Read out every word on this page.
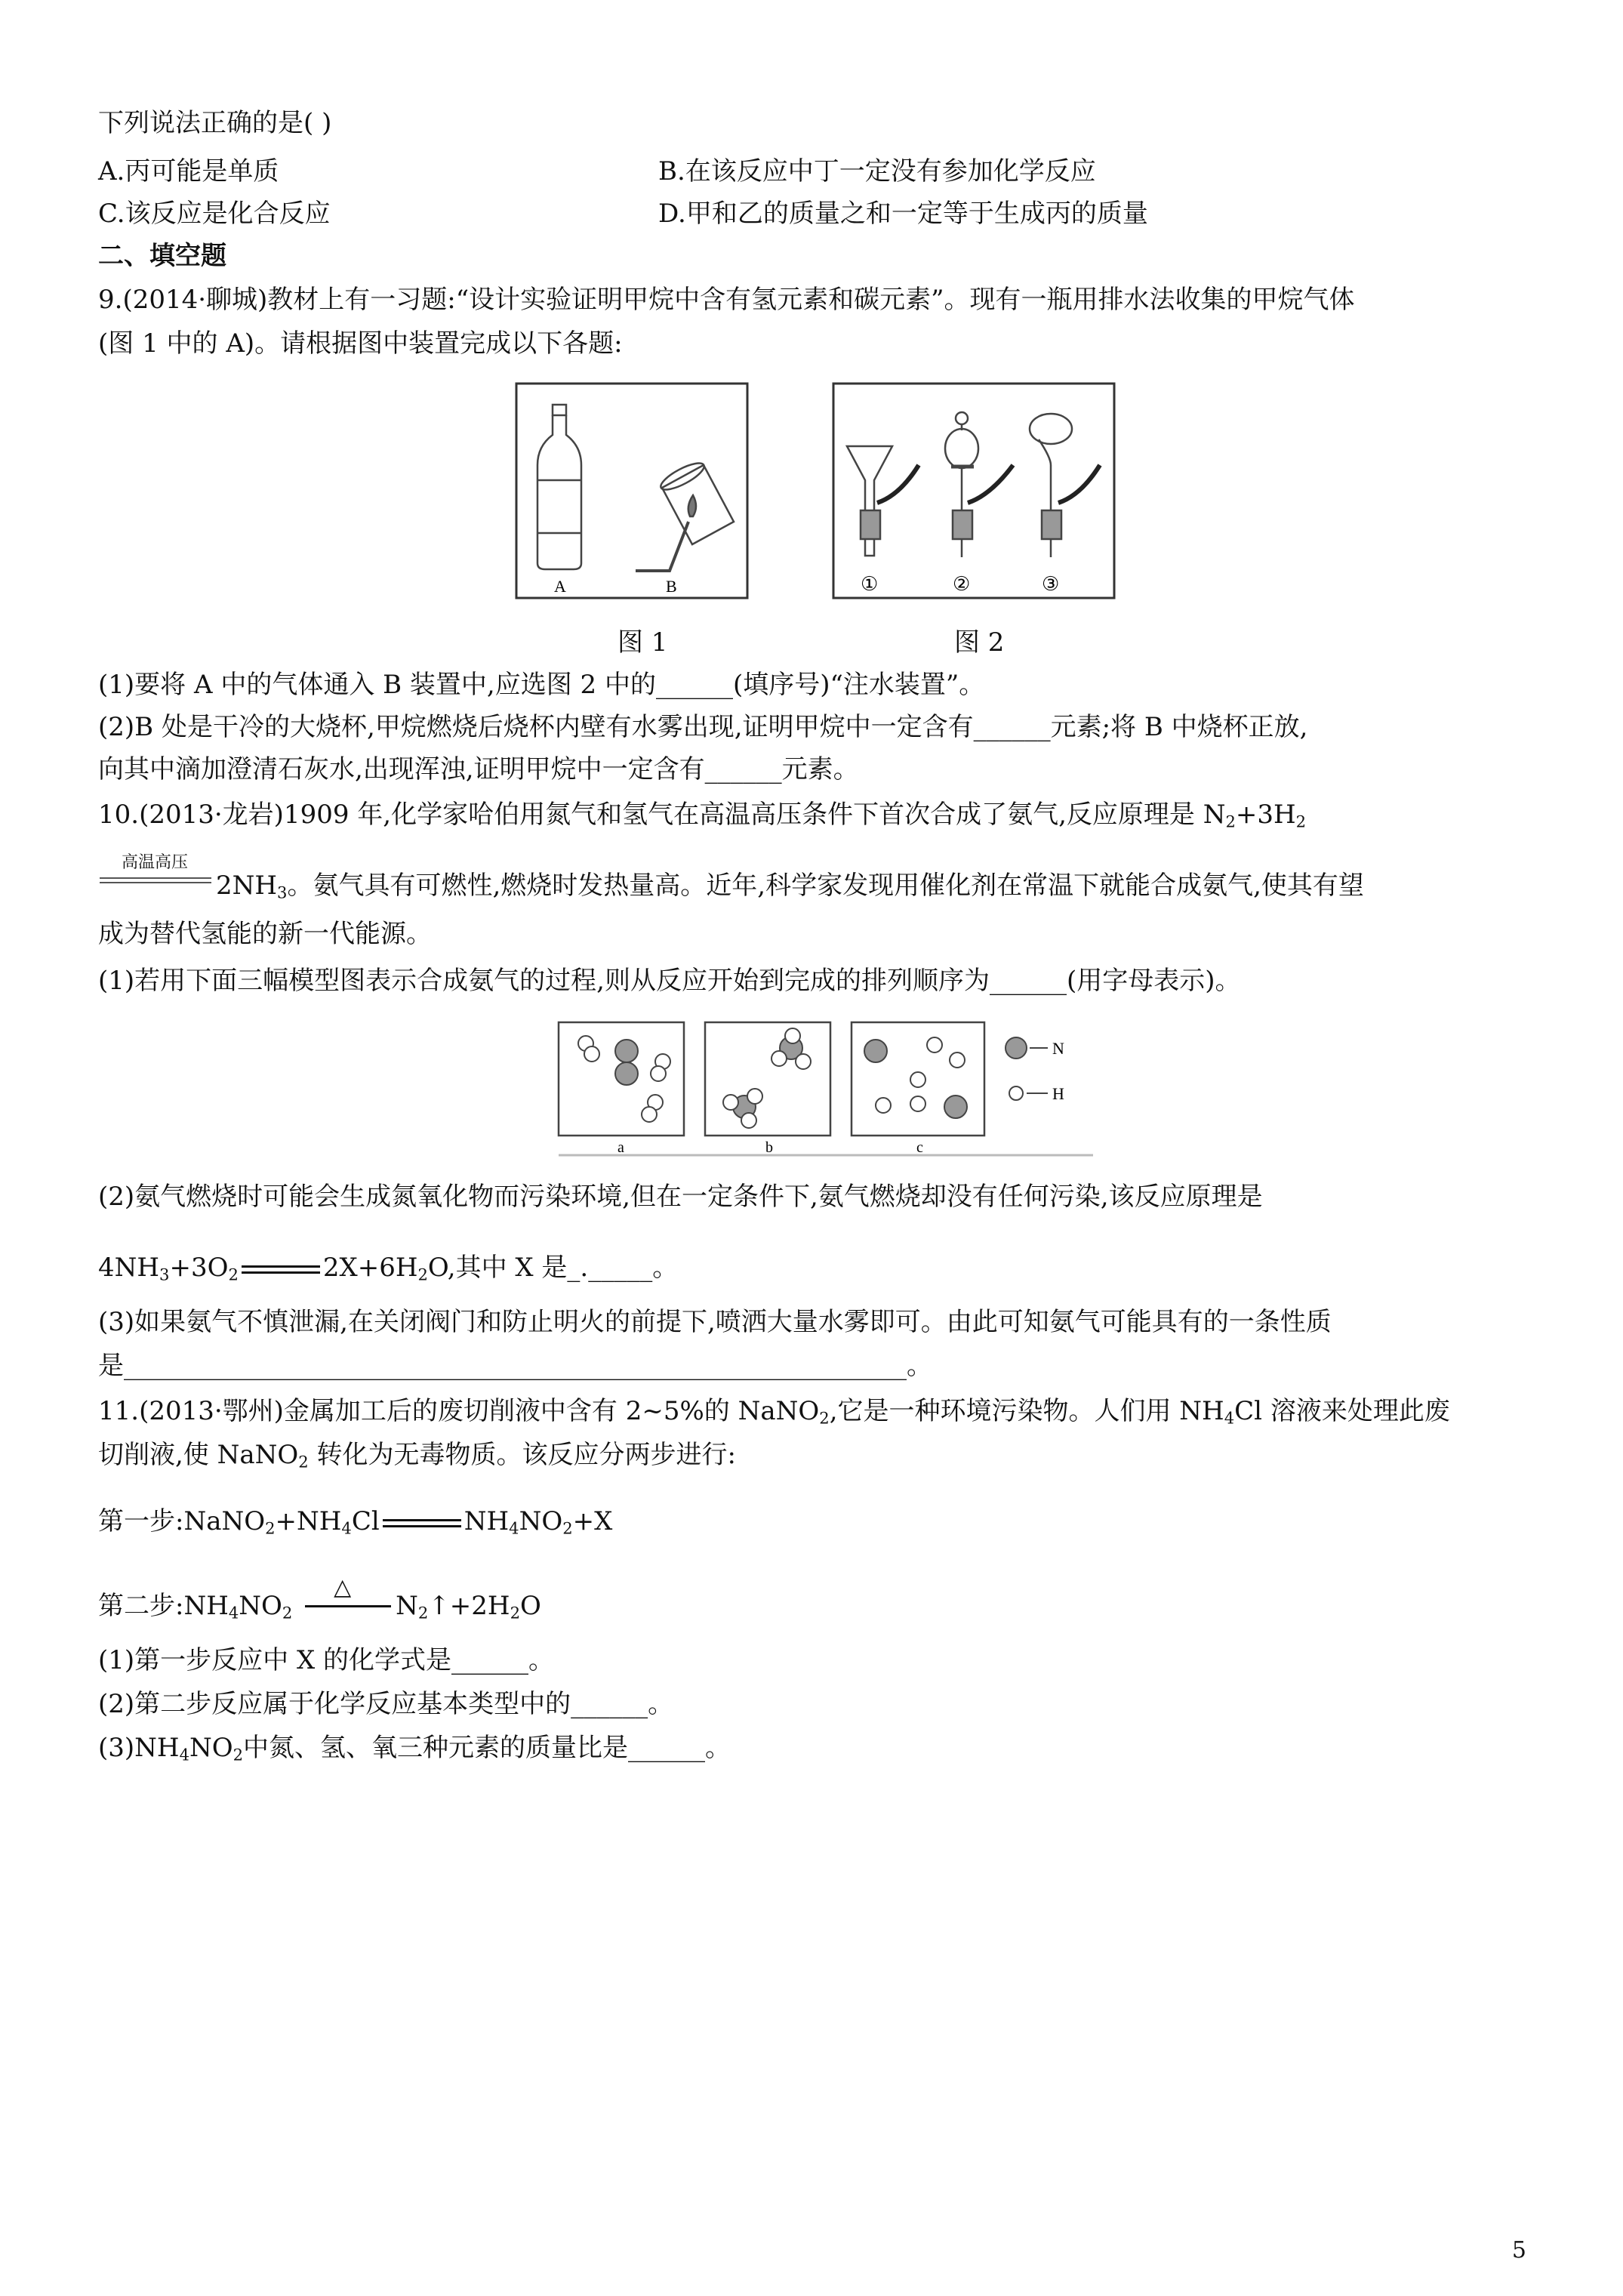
下列说法正确的是( )
A.丙可能是单质	B.在该反应中丁一定没有参加化学反应
C.该反应是化合反应	D.甲和乙的质量之和一定等于生成丙的质量
二、填空题
9.(2014·聊城)教材上有一习题:“设计实验证明甲烷中含有氢元素和碳元素”。现有一瓶用排水法收集的甲烷气体
(图 1 中的 A)。请根据图中装置完成以下各题:
A	B	①	②	③
图 1	图 2
(1)要将 A 中的气体通入 B 装置中,应选图 2 中的______(填序号)“注水装置”。
(2)B 处是干冷的大烧杯,甲烷燃烧后烧杯内壁有水雾出现,证明甲烷中一定含有______元素;将 B 中烧杯正放,
向其中滴加澄清石灰水,出现浑浊,证明甲烷中一定含有______元素。
10.(2013·龙岩)1909 年,化学家哈伯用氮气和氢气在高温高压条件下首次合成了氨气,反应原理是 $N_2+3H_2$
高温高压
$2NH_3$。氨气具有可燃性,燃烧时发热量高。近年,科学家发现用催化剂在常温下就能合成氨气,使其有望
成为替代氢能的新一代能源。
(1)若用下面三幅模型图表示合成氨气的过程,则从反应开始到完成的排列顺序为______(用字母表示)。
N
H
a	b	c
(2)氨气燃烧时可能会生成氮氧化物而污染环境,但在一定条件下,氨气燃烧却没有任何污染,该反应原理是
$4NH_3+3O_2$	$2X+6H_2O$,其中 X 是_._____。
(3)如果氨气不慎泄漏,在关闭阀门和防止明火的前提下,喷洒大量水雾即可。由此可知氨气可能具有的一条性质
是_____________________________________________________________。
11.(2013·鄂州)金属加工后的废切削液中含有 2~5%的 NaNO$_2$,它是一种环境污染物。人们用 $NH_4Cl$ 溶液来处理此废
切削液,使 NaNO$_2$ 转化为无毒物质。该反应分两步进行:
第一步$:NaNO_2+NH_4Cl$	$NH_4NO_2+X$
第二步$:NH_4NO_2$
△
$N_2↑+2H_2O$
(1)第一步反应中 X 的化学式是______。
(2)第二步反应属于化学反应基本类型中的______。
$(3)NH_4NO_2$中氮、氢、氧三种元素的质量比是______。
5
